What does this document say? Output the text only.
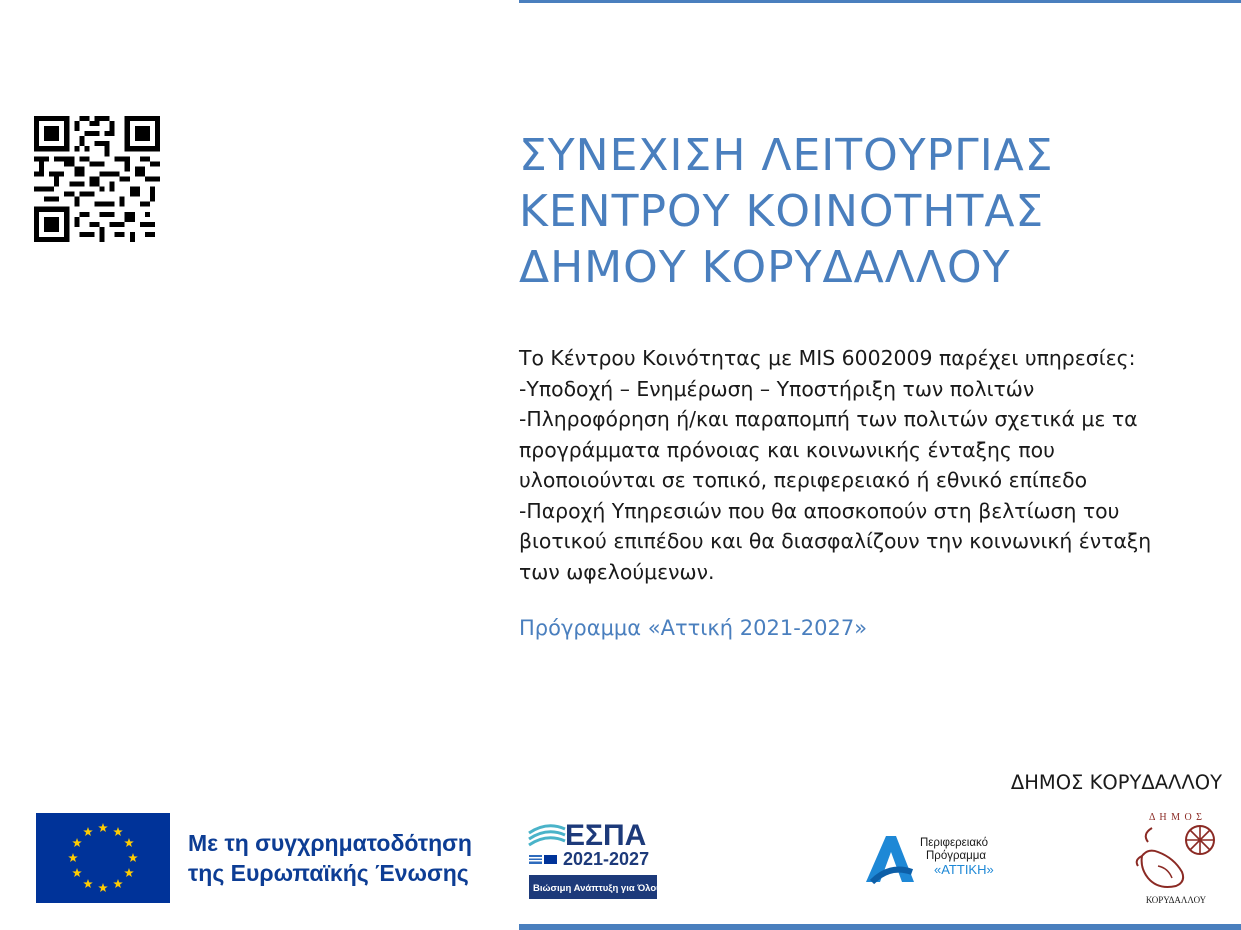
ΣΥΝΕΧΙΣΗ ΛΕΙΤΟΥΡΓΙΑΣ
ΚΕΝΤΡΟΥ ΚΟΙΝΟΤΗΤΑΣ
ΔΗΜΟΥ ΚΟΡΥΔΑΛΛΟΥ
Το Κέντρου Κοινότητας με MIS 6002009 παρέχει υπηρεσίες:
-Υποδοχή – Ενημέρωση – Υποστήριξη των πολιτών
-Πληροφόρηση ή/και παραπομπή των πολιτών σχετικά με τα
προγράμματα πρόνοιας και κοινωνικής ένταξης που
υλοποιούνται σε τοπικό, περιφερειακό ή εθνικό επίπεδο
-Παροχή Υπηρεσιών που θα αποσκοπούν στη βελτίωση του
βιοτικού επιπέδου και θα διασφαλίζουν την κοινωνική ένταξη
των ωφελούμενων.
Πρόγραμμα «Αττική 2021-2027»
ΔΗΜΟΣ ΚΟΡΥΔΑΛΛΟΥ
Με τη συγχρηματοδότηση
της Ευρωπαϊκής Ένωσης
ΕΣΠΑ
2021-2027
Βιώσιμη Ανάπτυξη για Όλους
Περιφερειακό
Πρόγραμμα
«ΑΤΤΙΚΗ»
Δ Η Μ Ο Σ
ΚΟΡΥΔΑΛΛΟΥ
